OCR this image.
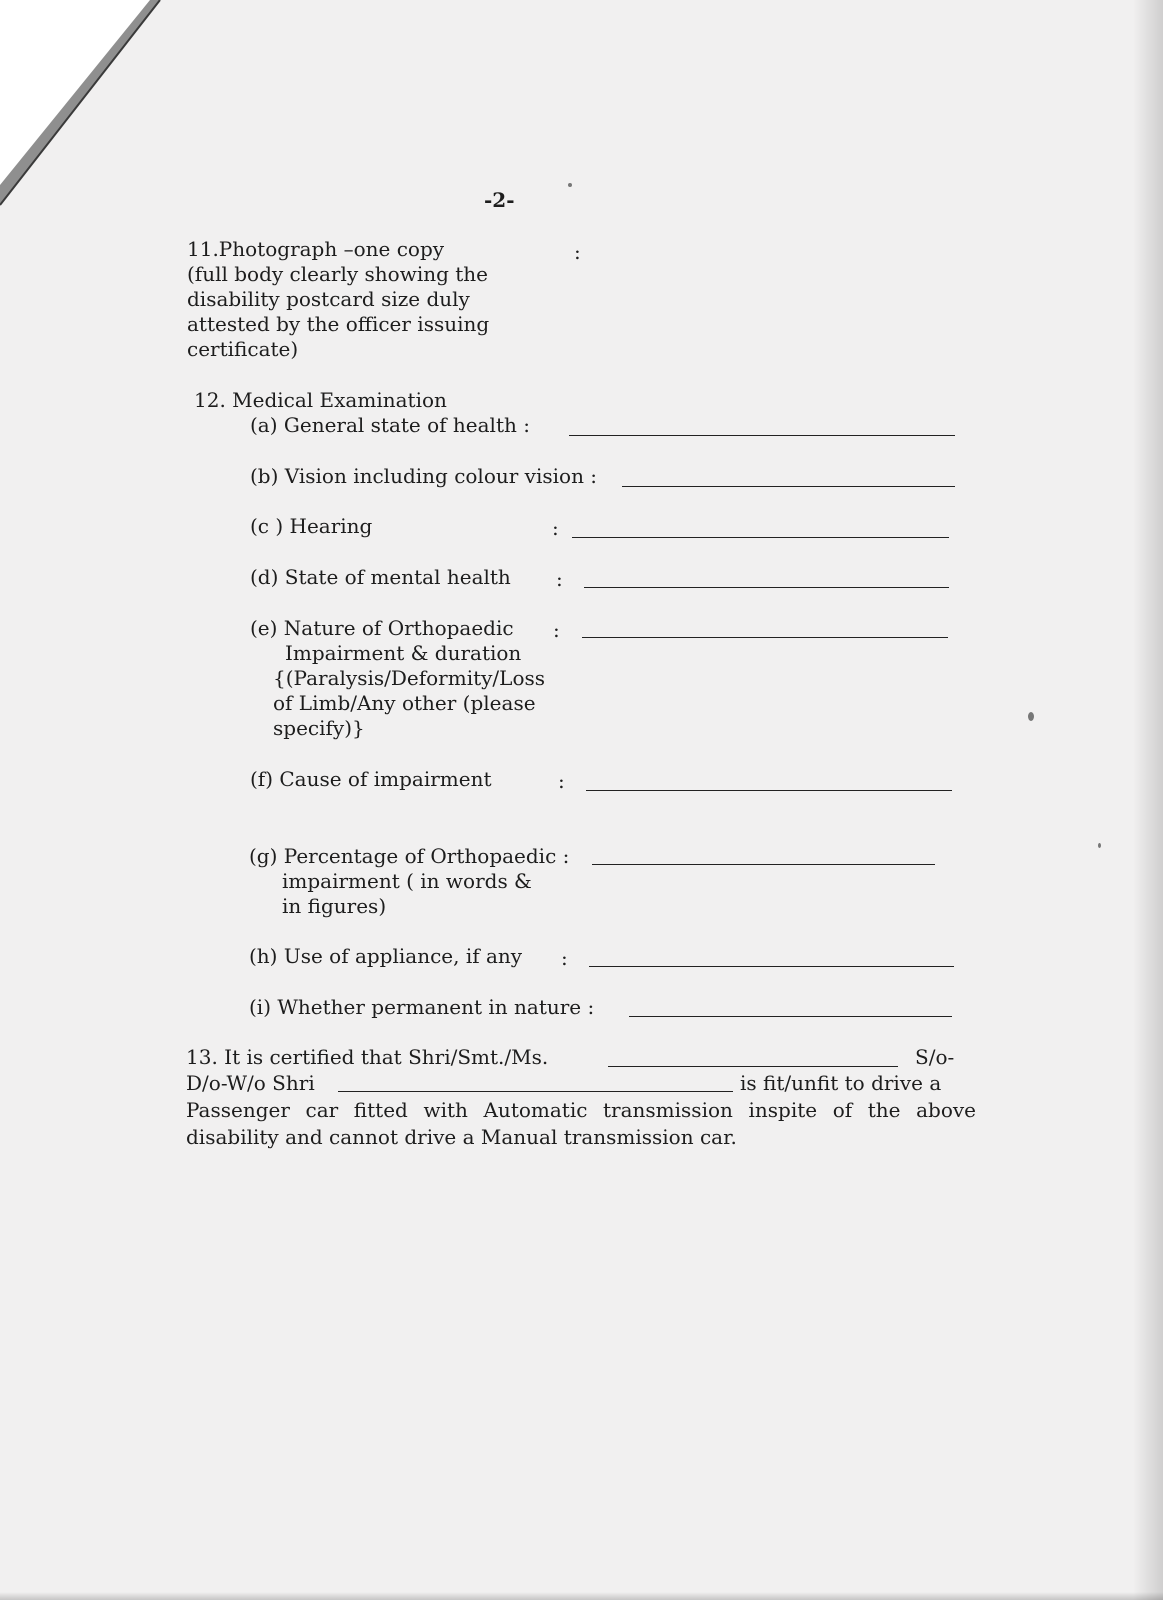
-2-
11.Photograph –one copy
(full body clearly showing the
disability postcard size duly
attested by the officer issuing
certificate)
:
12. Medical Examination
(a) General state of health :
(b) Vision including colour vision :
(c ) Hearing	:
(d) State of mental health :
(e) Nature of Orthopaedic
Impairment & duration
{(Paralysis/Deformity/Loss
of Limb/Any other (please
specify)}
:
(f) Cause of impairment	:
(g) Percentage of Orthopaedic :
impairment ( in words &
in figures)
(h) Use of appliance, if any :
(i) Whether permanent in nature :
13. It is certified that Shri/Smt./Ms.	S/o-
D/o-W/o Shri	is fit/unfit to drive a
Passenger car fitted with Automatic transmission inspite of the above disability and cannot drive a Manual transmission car.
